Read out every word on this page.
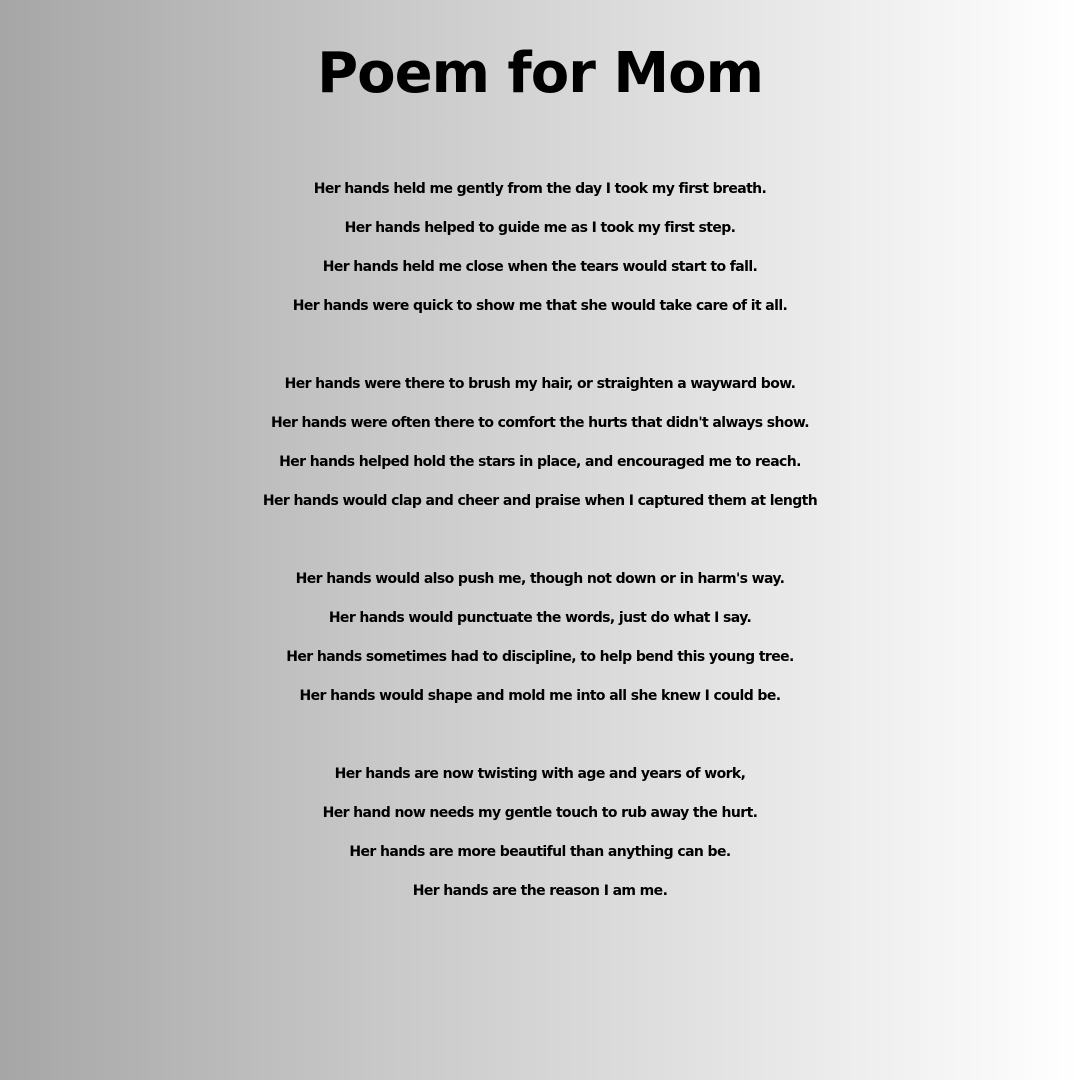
Poem for Mom
Her hands held me gently from the day I took my first breath.
Her hands helped to guide me as I took my first step.
Her hands held me close when the tears would start to fall.
Her hands were quick to show me that she would take care of it all.
Her hands were there to brush my hair, or straighten a wayward bow.
Her hands were often there to comfort the hurts that didn't always show.
Her hands helped hold the stars in place, and encouraged me to reach.
Her hands would clap and cheer and praise when I captured them at length
Her hands would also push me, though not down or in harm's way.
Her hands would punctuate the words, just do what I say.
Her hands sometimes had to discipline, to help bend this young tree.
Her hands would shape and mold me into all she knew I could be.
Her hands are now twisting with age and years of work,
Her hand now needs my gentle touch to rub away the hurt.
Her hands are more beautiful than anything can be.
Her hands are the reason I am me.
